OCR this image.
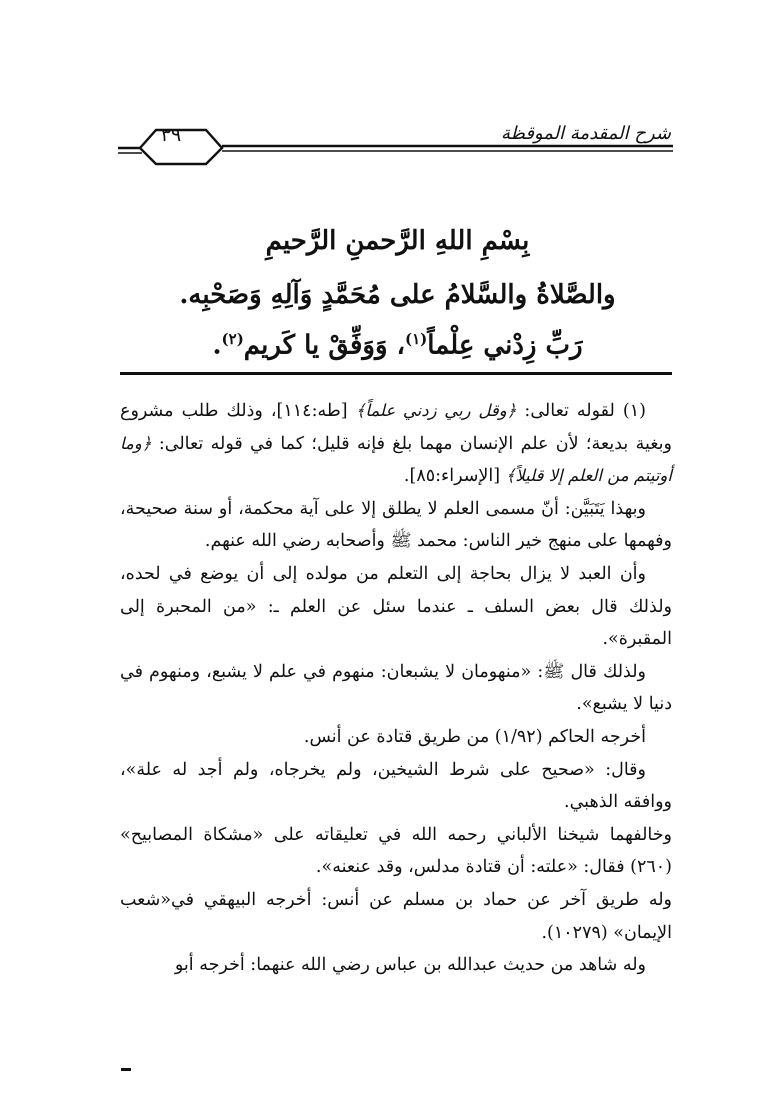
٣٩	شرح المقدمة الموقظة
بِسْمِ اللهِ الرَّحمنِ الرَّحيمِ
والصَّلاةُ والسَّلامُ على مُحَمَّدٍ وَآلِهِ وَصَحْبِه.
رَبِّ زِدْني عِلْماً$^{(١)}$، وَوَفِّقْ يا كَريم$^{(٢)}$.

(١) لقوله تعالى: ﴿وقل ربي زدني علماً﴾ [طه:١١٤]، وذلك طلب مشروع وبغية بديعة؛ لأن علم الإنسان مهما بلغ فإنه قليل؛ كما في قوله تعالى: ﴿وما أوتيتم من العلم إلا قليلاً﴾ [الإسراء:٨٥].

وبهذا يَتَبَيَّن: أنّ مسمى العلم لا يطلق إلا على آية محكمة، أو سنة صحيحة، وفهمها على منهج خير الناس: محمد ﷺ وأصحابه رضي الله عنهم.

وأن العبد لا يزال بحاجة إلى التعلم من مولده إلى أن يوضع في لحده، ولذلك قال بعض السلف ـ عندما سئل عن العلم ـ: «من المحبرة إلى المقبرة».

ولذلك قال ﷺ: «منهومان لا يشبعان: منهوم في علم لا يشبع، ومنهوم في دنيا لا يشبع».

أخرجه الحاكم (١/٩٢) من طريق قتادة عن أنس.

وقال: «صحيح على شرط الشيخين، ولم يخرجاه، ولم أجد له علة»، ووافقه الذهبي.

وخالفهما شيخنا الألباني رحمه الله في تعليقاته على «مشكاة المصابيح» (٢٦٠) فقال: «علته: أن قتادة مدلس، وقد عنعنه».

وله طريق آخر عن حماد بن مسلم عن أنس: أخرجه البيهقي في«شعب الإيمان» (١٠٢٧٩).

وله شاهد من حديث عبدالله بن عباس رضي الله عنهما: أخرجه أبو
